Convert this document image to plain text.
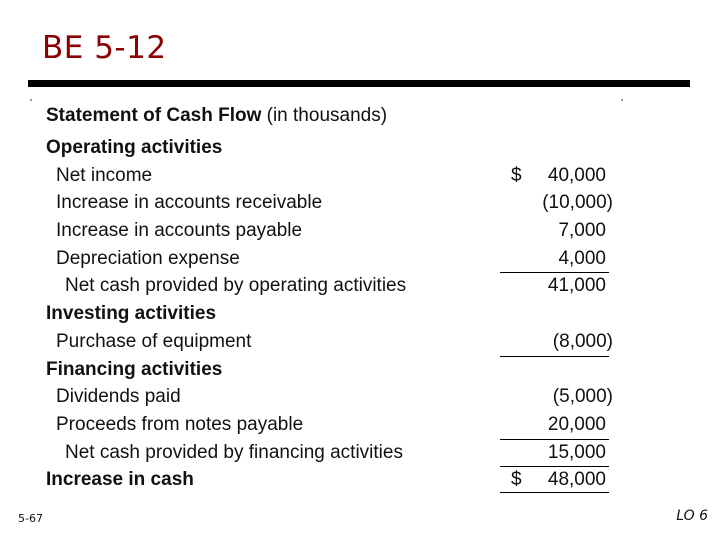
BE 5-12
Statement of Cash Flow (in thousands)
Operating activities
Net income	$	40,000
Increase in accounts receivable	(10,000)
Increase in accounts payable	7,000
Depreciation expense	4,000
Net cash provided by operating activities	41,000
Investing activities
Purchase of equipment	(8,000)
Financing activities
Dividends paid	(5,000)
Proceeds from notes payable	20,000
Net cash provided by financing activities	15,000
Increase in cash	$	48,000
5-67	LO 6
